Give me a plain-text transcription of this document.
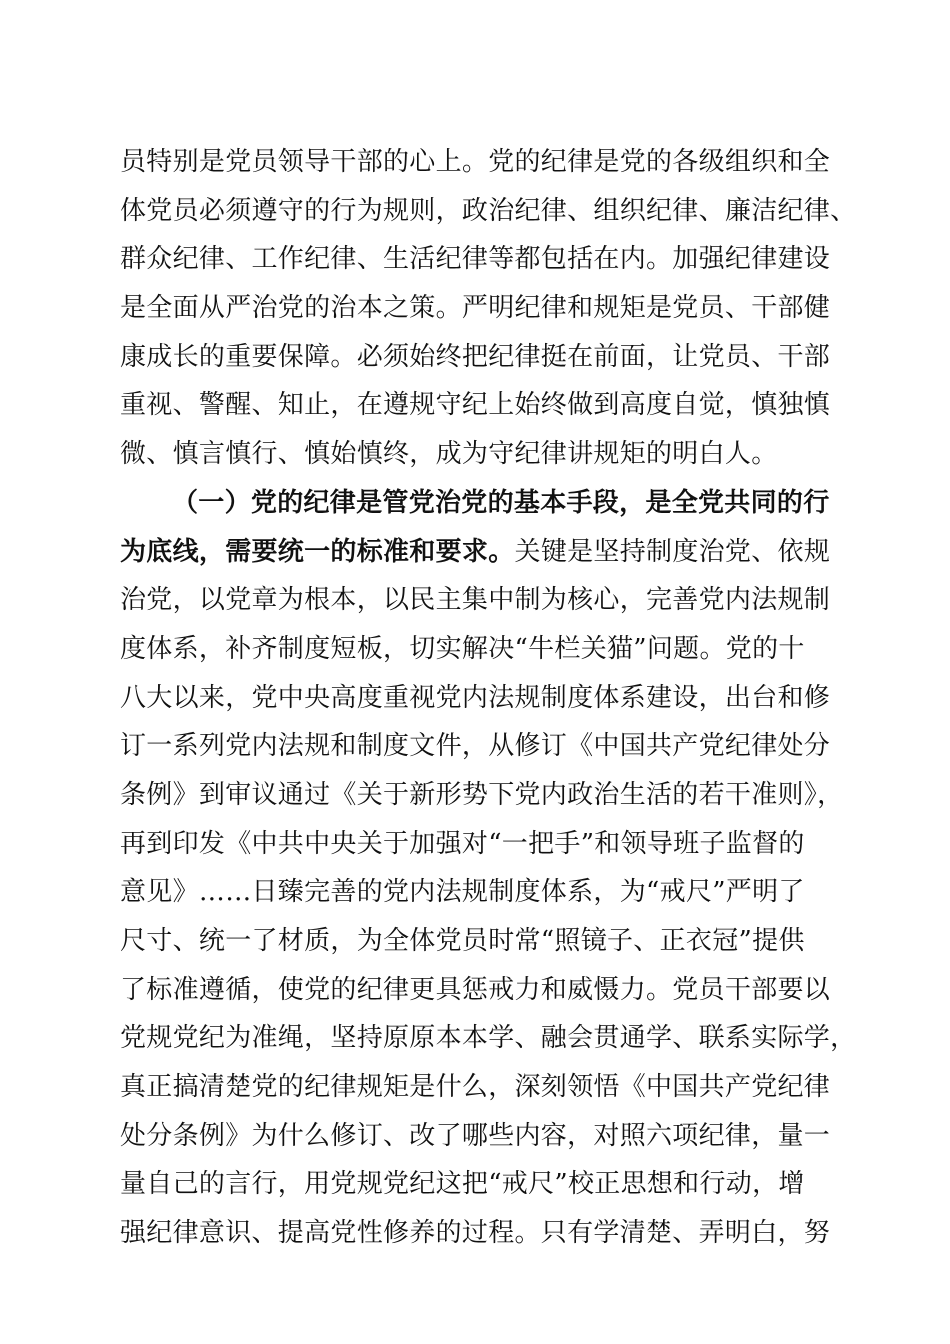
员特别是党员领导干部的心上。党的纪律是党的各级组织和全
体党员必须遵守的行为规则，政治纪律、组织纪律、廉洁纪律、
群众纪律、工作纪律、生活纪律等都包括在内。加强纪律建设
是全面从严治党的治本之策。严明纪律和规矩是党员、干部健
康成长的重要保障。必须始终把纪律挺在前面，让党员、干部
重视、警醒、知止，在遵规守纪上始终做到高度自觉，慎独慎
微、慎言慎行、慎始慎终，成为守纪律讲规矩的明白人。
（一）党的纪律是管党治党的基本手段，是全党共同的行
为底线，需要统一的标准和要求。关键是坚持制度治党、依规
治党，以党章为根本，以民主集中制为核心，完善党内法规制
度体系，补齐制度短板，切实解决“牛栏关猫”问题。党的十
八大以来，党中央高度重视党内法规制度体系建设，出台和修
订一系列党内法规和制度文件，从修订《中国共产党纪律处分
条例》到审议通过《关于新形势下党内政治生活的若干准则》，
再到印发《中共中央关于加强对“一把手”和领导班子监督的
意见》……日臻完善的党内法规制度体系，为“戒尺”严明了
尺寸、统一了材质，为全体党员时常“照镜子、正衣冠”提供
了标准遵循，使党的纪律更具惩戒力和威慑力。党员干部要以
党规党纪为准绳，坚持原原本本学、融会贯通学、联系实际学，
真正搞清楚党的纪律规矩是什么，深刻领悟《中国共产党纪律
处分条例》为什么修订、改了哪些内容，对照六项纪律，量一
量自己的言行，用党规党纪这把“戒尺”校正思想和行动，增
强纪律意识、提高党性修养的过程。只有学清楚、弄明白，努
